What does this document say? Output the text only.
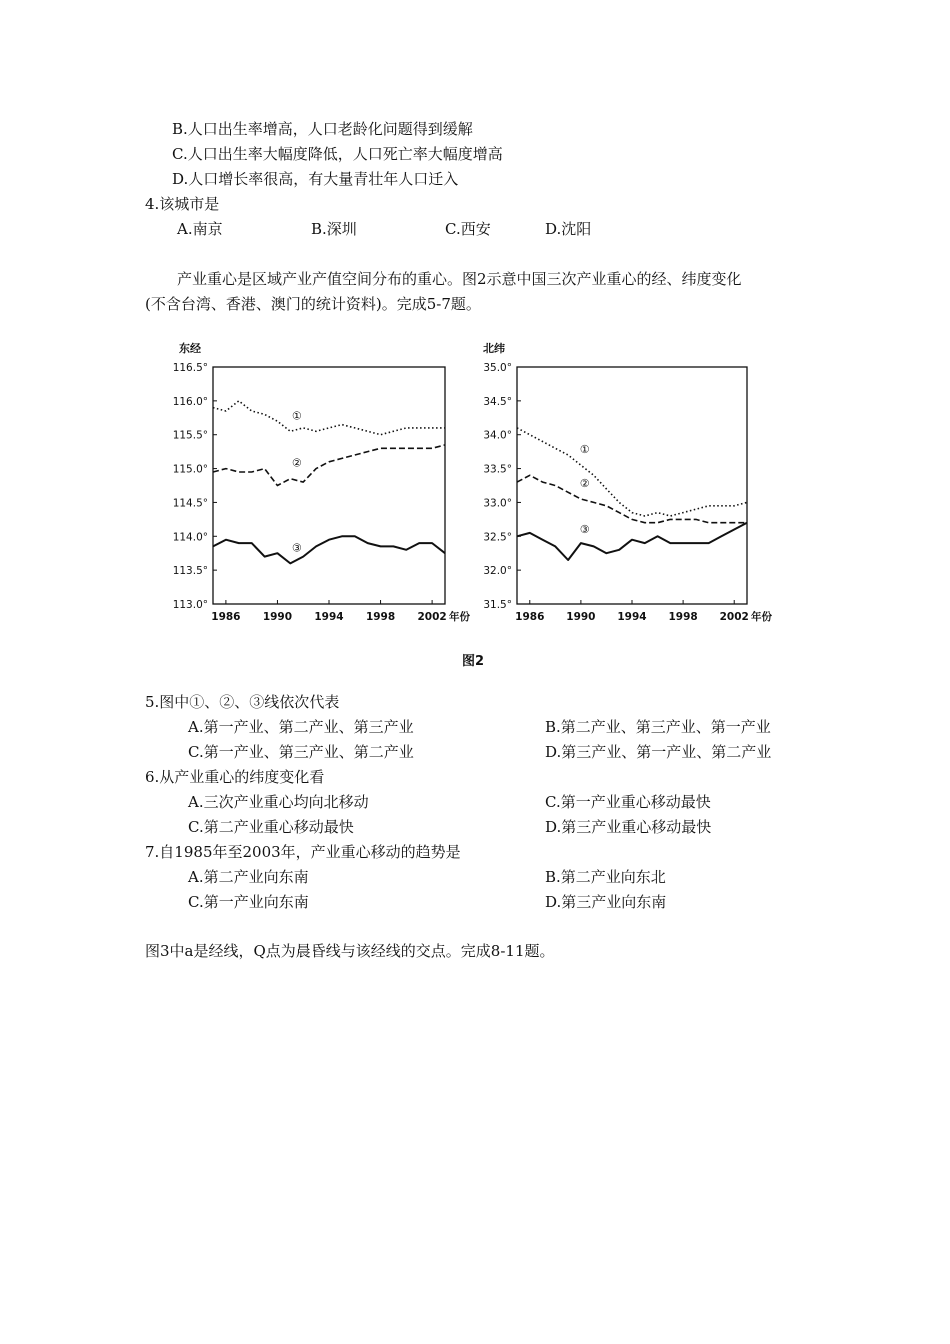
B.人口出生率增高，人口老龄化问题得到缓解
C.人口出生率大幅度降低，人口死亡率大幅度增高
D.人口增长率很高，有大量青壮年人口迁入
4.该城市是
A.南京	B.深圳	C.西安	D.沈阳
产业重心是区域产业产值空间分布的重心。图2示意中国三次产业重心的经、纬度变化
(不含台湾、香港、澳门的统计资料)。完成5-7题。
东经
116.5°
116.0°
115.5°
115.0°
114.5°
114.0°
113.5°
113.0°
1986 1990 1994 1998 2002 年份
①
②
③
北纬
35.0°
34.5°
34.0°
33.5°
33.0°
32.5°
32.0°
31.5°
1986 1990 1994 1998 2002 年份
①
②
③
图2
5.图中①、②、③线依次代表
A.第一产业、第二产业、第三产业	B.第二产业、第三产业、第一产业
C.第一产业、第三产业、第二产业	D.第三产业、第一产业、第二产业
6.从产业重心的纬度变化看
A.三次产业重心均向北移动	C.第一产业重心移动最快
C.第二产业重心移动最快	D.第三产业重心移动最快
7.自1985年至2003年，产业重心移动的趋势是
A.第二产业向东南	B.第二产业向东北
C.第一产业向东南	D.第三产业向东南
图3中a是经线，Q点为晨昏线与该经线的交点。完成8-11题。
